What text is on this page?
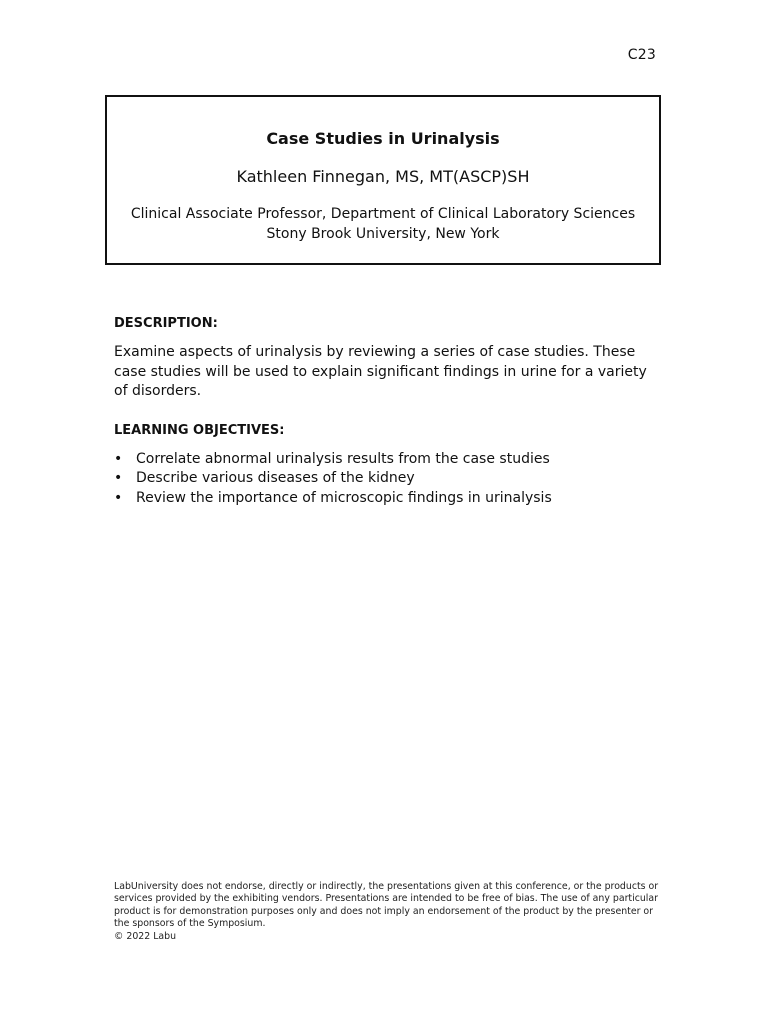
C23
Case Studies in Urinalysis
Kathleen Finnegan, MS, MT(ASCP)SH
Clinical Associate Professor, Department of Clinical Laboratory Sciences
Stony Brook University, New York

DESCRIPTION:

Examine aspects of urinalysis by reviewing a series of case studies. These case studies will be used to explain significant findings in urine for a variety of disorders.

LEARNING OBJECTIVES:

• Correlate abnormal urinalysis results from the case studies
• Describe various diseases of the kidney
• Review the importance of microscopic findings in urinalysis
LabUniversity does not endorse, directly or indirectly, the presentations given at this conference, or the products or services provided by the exhibiting vendors. Presentations are intended to be free of bias. The use of any particular product is for demonstration purposes only and does not imply an endorsement of the product by the presenter or the sponsors of the Symposium.
© 2022 Labu
